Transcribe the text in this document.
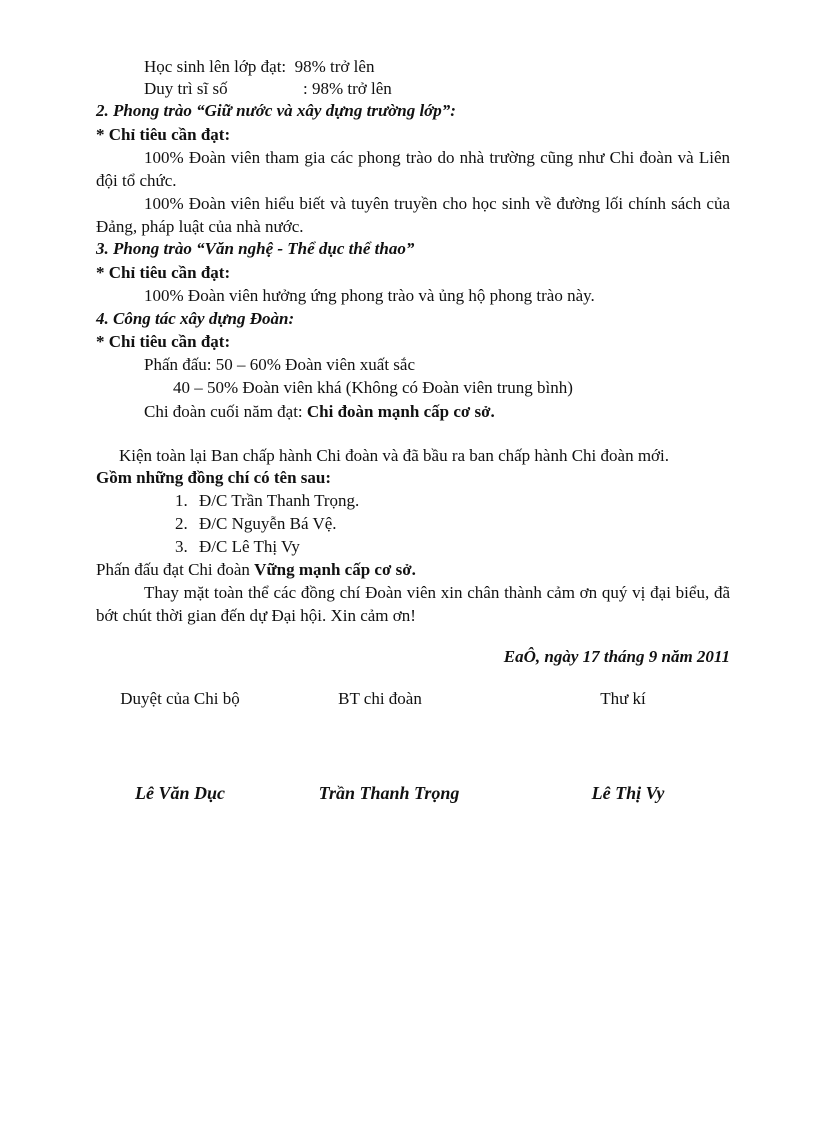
Học sinh lên lớp đạt: 98% trở lên
Duy trì sĩ số	: 98% trở lên
2. Phong trào “Giữ nước và xây dựng trường lớp”:
* Chỉ tiêu cần đạt:
100% Đoàn viên tham gia các phong trào do nhà trường cũng như Chi đoàn và Liên đội tổ chức.
100% Đoàn viên hiểu biết và tuyên truyền cho học sinh về đường lối chính sách của Đảng, pháp luật của nhà nước.
3. Phong trào “Văn nghệ - Thể dục thể thao”
* Chỉ tiêu cần đạt:
100% Đoàn viên hưởng ứng phong trào và ủng hộ phong trào này.
4. Công tác xây dựng Đoàn:
* Chỉ tiêu cần đạt:
Phấn đấu: 50 – 60% Đoàn viên xuất sắc
40 – 50% Đoàn viên khá (Không có Đoàn viên trung bình)
Chi đoàn cuối năm đạt: Chi đoàn mạnh cấp cơ sở.
Kiện toàn lại Ban chấp hành Chi đoàn và đã bầu ra ban chấp hành Chi đoàn mới.
Gồm những đồng chí có tên sau:
1. Đ/C Trần Thanh Trọng.
2. Đ/C Nguyễn Bá Vệ.
3. Đ/C Lê Thị Vy
Phấn đấu đạt Chi đoàn Vững mạnh cấp cơ sở.
Thay mặt toàn thể các đồng chí Đoàn viên xin chân thành cảm ơn quý vị đại biểu, đã bớt chút thời gian đến dự Đại hội. Xin cảm ơn!
EaÔ, ngày 17 tháng 9 năm 2011
Duyệt của Chi bộ	BT chi đoàn	Thư kí
Lê Văn Dục	Trần Thanh Trọng	Lê Thị Vy
